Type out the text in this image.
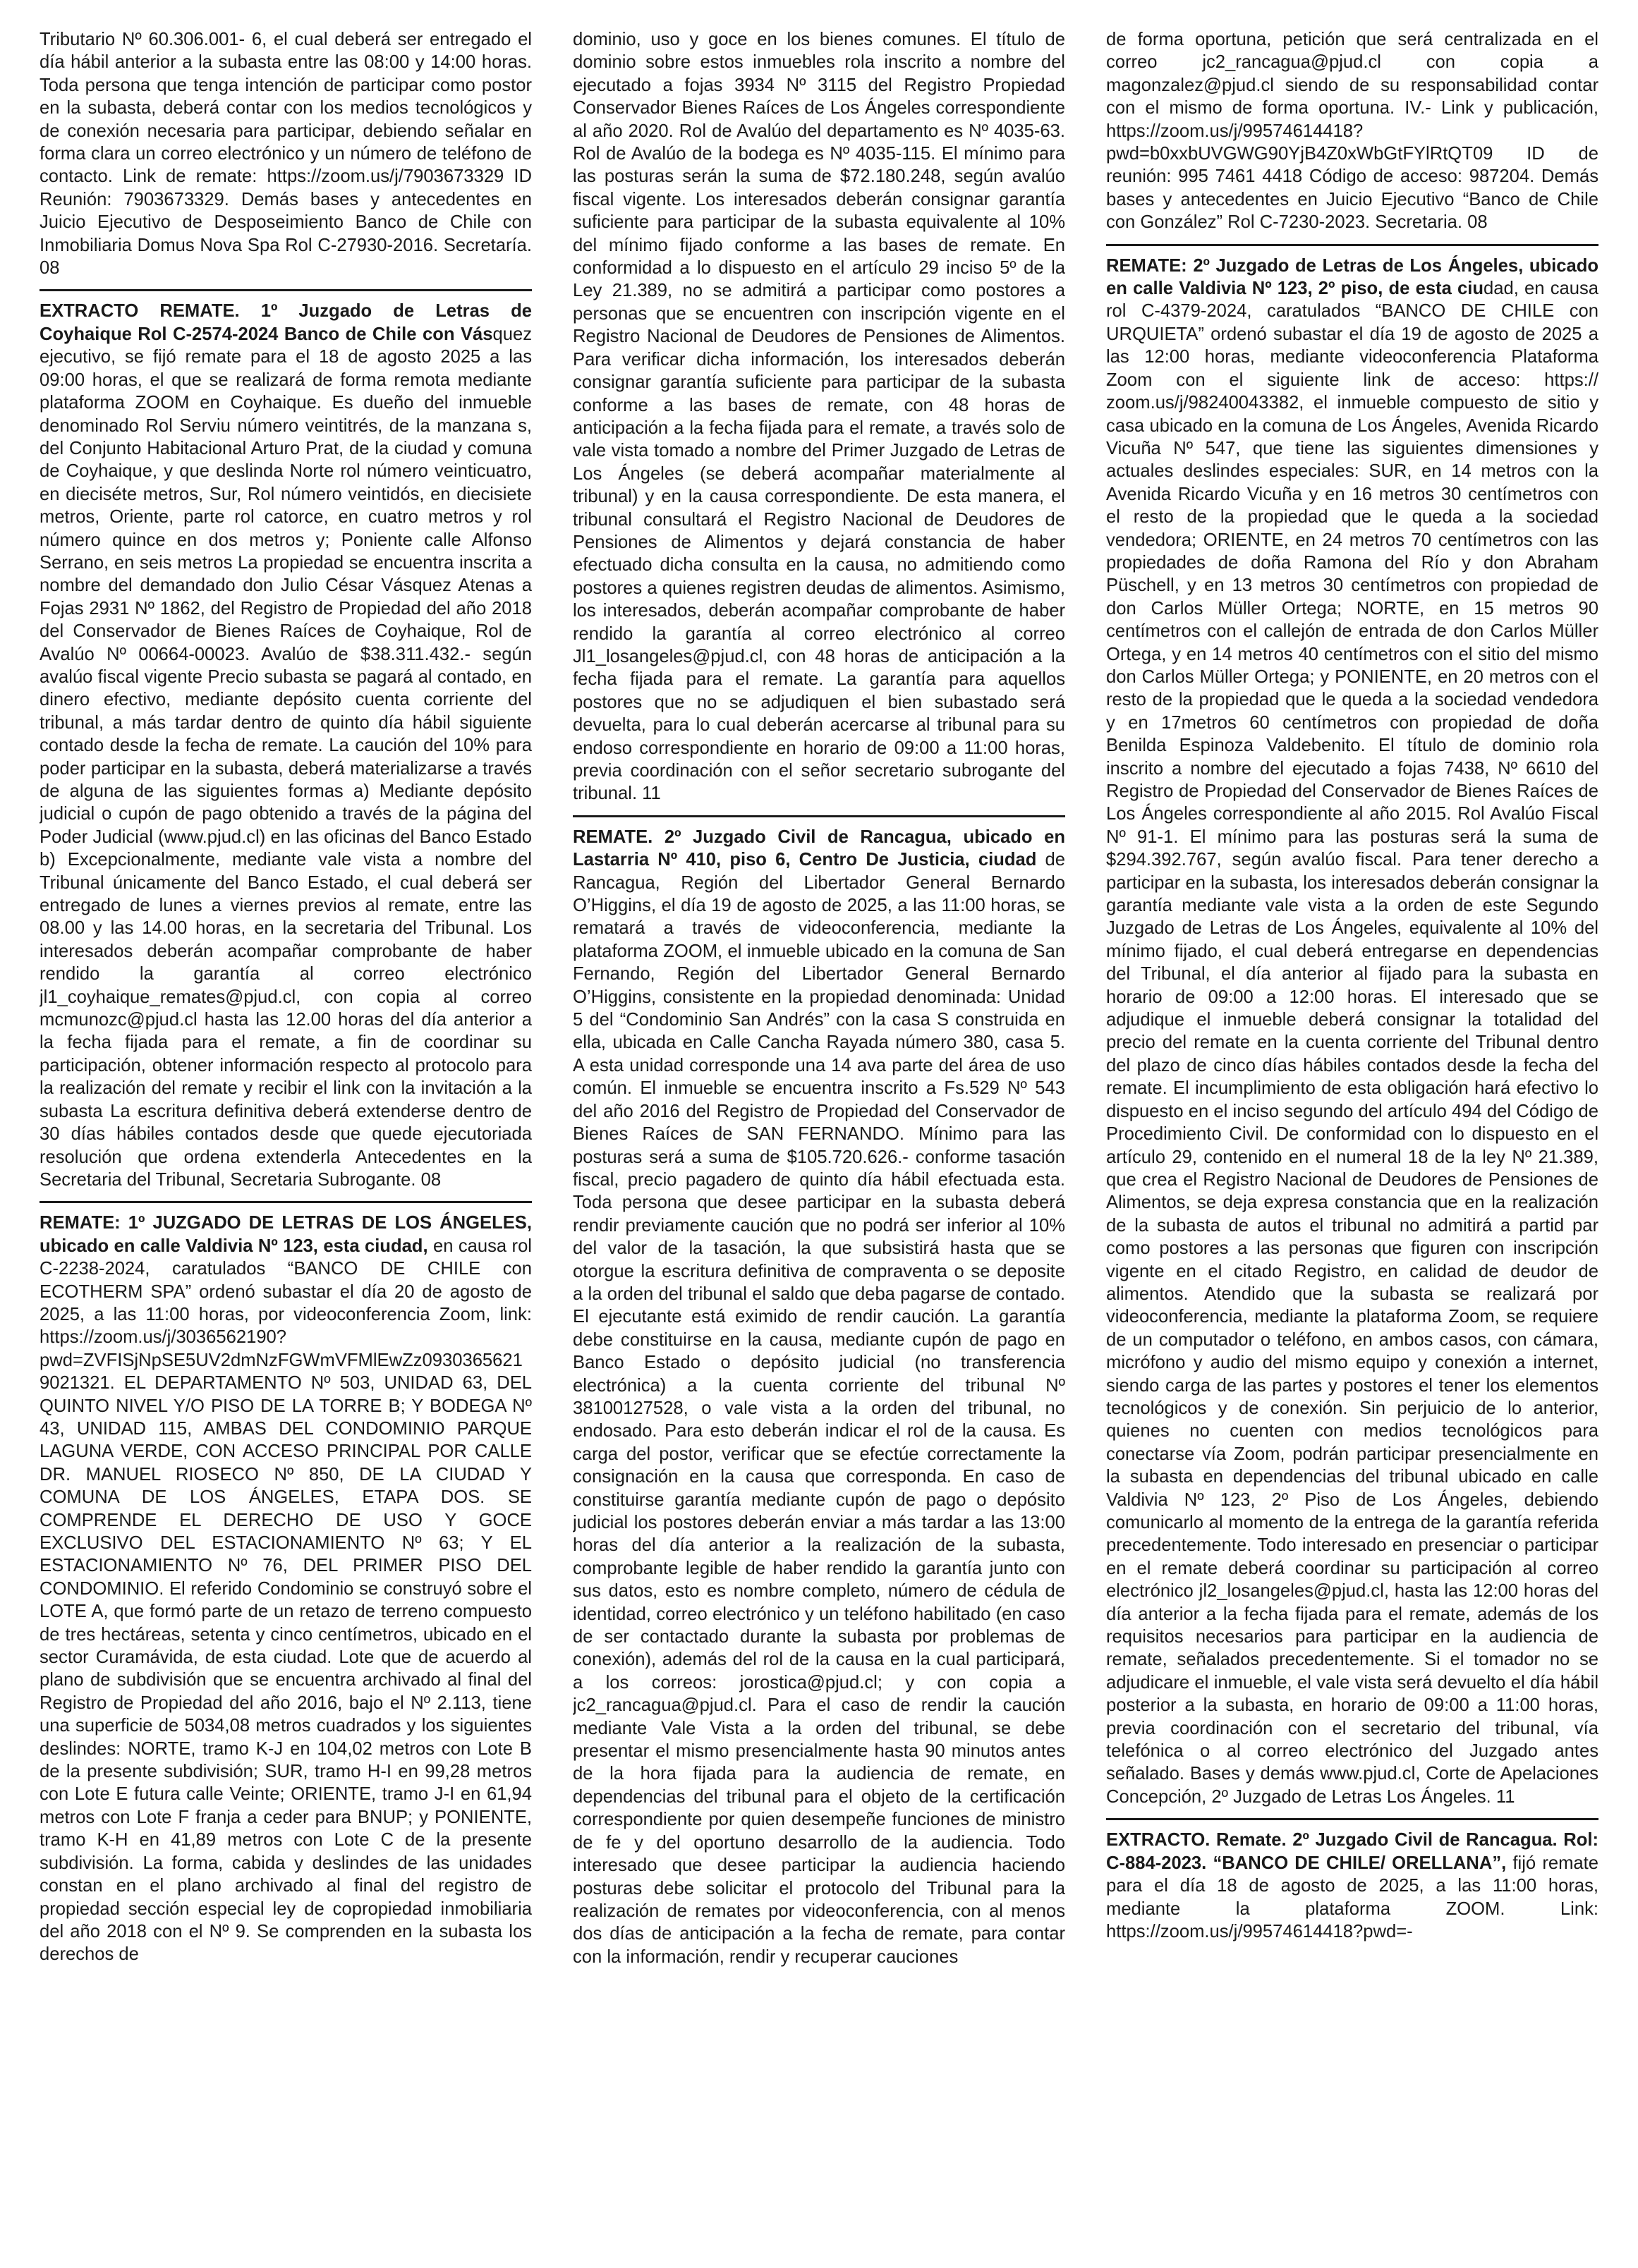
Tributario Nº 60.306.001- 6, el cual deberá ser entregado el día hábil anterior a la subasta entre las 08:00 y 14:00 horas. Toda persona que tenga intención de participar como postor en la subasta, deberá contar con los medios tecnológicos y de conexión necesaria para participar, debiendo señalar en forma clara un correo electrónico y un número de teléfono de contacto. Link de remate: https://zoom.us/j/7903673329 ID Reunión: 7903673329. Demás bases y antecedentes en Juicio Ejecutivo de Desposeimiento Banco de Chile con Inmobiliaria Domus Nova Spa Rol C-27930-2016. Secretaría. 08

EXTRACTO REMATE. 1º Juzgado de Letras de Coyhaique Rol C-2574-2024 Banco de Chile con Vásquez ejecutivo, se fijó remate para el 18 de agosto 2025 a las 09:00 horas, el que se realizará de forma remota mediante plataforma ZOOM en Coyhaique. Es dueño del inmueble denominado Rol Serviu número veintitrés, de la manzana s, del Conjunto Habitacional Arturo Prat, de la ciudad y comuna de Coyhaique, y que deslinda Norte rol número veinticuatro, en dieciséte metros, Sur, Rol número veintidós, en diecisiete metros, Oriente, parte rol catorce, en cuatro metros y rol número quince en dos metros y; Poniente calle Alfonso Serrano, en seis metros La propiedad se encuentra inscrita a nombre del demandado don Julio César Vásquez Atenas a Fojas 2931 Nº 1862, del Registro de Propiedad del año 2018 del Conservador de Bienes Raíces de Coyhaique, Rol de Avalúo Nº 00664-00023. Avalúo de $38.311.432.- según avalúo fiscal vigente Precio subasta se pagará al contado, en dinero efectivo, mediante depósito cuenta corriente del tribunal, a más tardar dentro de quinto día hábil siguiente contado desde la fecha de remate. La caución del 10% para poder participar en la subasta, deberá materializarse a través de alguna de las siguientes formas a) Mediante depósito judicial o cupón de pago obtenido a través de la página del Poder Judicial (www.pjud.cl) en las oficinas del Banco Estado b) Excepcionalmente, mediante vale vista a nombre del Tribunal únicamente del Banco Estado, el cual deberá ser entregado de lunes a viernes previos al remate, entre las 08.00 y las 14.00 horas, en la secretaria del Tribunal. Los interesados deberán acompañar comprobante de haber rendido la garantía al correo electrónico jl1_coyhaique_remates@pjud.cl, con copia al correo mcmunozc@pjud.cl hasta las 12.00 horas del día anterior a la fecha fijada para el remate, a fin de coordinar su participación, obtener información respecto al protocolo para la realización del remate y recibir el link con la invitación a la subasta La escritura definitiva deberá extenderse dentro de 30 días hábiles contados desde que quede ejecutoriada resolución que ordena extenderla Antecedentes en la Secretaria del Tribunal, Secretaria Subrogante. 08

REMATE: 1º JUZGADO DE LETRAS DE LOS ÁNGELES, ubicado en calle Valdivia Nº 123, esta ciudad, en causa rol C-2238-2024, caratulados “BANCO DE CHILE con ECOTHERM SPA” ordenó subastar el día 20 de agosto de 2025, a las 11:00 horas, por videoconferencia Zoom, link: https://zoom.us/j/3036562190?pwd=ZVFISjNpSE5UV2dmNzFGWmVFMlEwZz09303656219021321. EL DEPARTAMENTO Nº 503, UNIDAD 63, DEL QUINTO NIVEL Y/O PISO DE LA TORRE B; Y BODEGA Nº 43, UNIDAD 115, AMBAS DEL CONDOMINIO PARQUE LAGUNA VERDE, CON ACCESO PRINCIPAL POR CALLE DR. MANUEL RIOSECO Nº 850, DE LA CIUDAD Y COMUNA DE LOS ÁNGELES, ETAPA DOS. SE COMPRENDE EL DERECHO DE USO Y GOCE EXCLUSIVO DEL ESTACIONAMIENTO Nº 63; Y EL ESTACIONAMIENTO Nº 76, DEL PRIMER PISO DEL CONDOMINIO. El referido Condominio se construyó sobre el LOTE A, que formó parte de un retazo de terreno compuesto de tres hectáreas, setenta y cinco centímetros, ubicado en el sector Curamávida, de esta ciudad. Lote que de acuerdo al plano de subdivisión que se encuentra archivado al final del Registro de Propiedad del año 2016, bajo el Nº 2.113, tiene una superficie de 5034,08 metros cuadrados y los siguientes deslindes: NORTE, tramo K-J en 104,02 metros con Lote B de la presente subdivisión; SUR, tramo H-I en 99,28 metros con Lote E futura calle Veinte; ORIENTE, tramo J-I en 61,94 metros con Lote F franja a ceder para BNUP; y PONIENTE, tramo K-H en 41,89 metros con Lote C de la presente subdivisión. La forma, cabida y deslindes de las unidades constan en el plano archivado al final del registro de propiedad sección especial ley de copropiedad inmobiliaria del año 2018 con el Nº 9. Se comprenden en la subasta los derechos de

dominio, uso y goce en los bienes comunes. El título de dominio sobre estos inmuebles rola inscrito a nombre del ejecutado a fojas 3934 Nº 3115 del Registro Propiedad Conservador Bienes Raíces de Los Ángeles correspondiente al año 2020. Rol de Avalúo del departamento es Nº 4035-63. Rol de Avalúo de la bodega es Nº 4035-115. El mínimo para las posturas serán la suma de $72.180.248, según avalúo fiscal vigente. Los interesados deberán consignar garantía suficiente para participar de la subasta equivalente al 10% del mínimo fijado conforme a las bases de remate. En conformidad a lo dispuesto en el artículo 29 inciso 5º de la Ley 21.389, no se admitirá a participar como postores a personas que se encuentren con inscripción vigente en el Registro Nacional de Deudores de Pensiones de Alimentos. Para verificar dicha información, los interesados deberán consignar garantía suficiente para participar de la subasta conforme a las bases de remate, con 48 horas de anticipación a la fecha fijada para el remate, a través solo de vale vista tomado a nombre del Primer Juzgado de Letras de Los Ángeles (se deberá acompañar materialmente al tribunal) y en la causa correspondiente. De esta manera, el tribunal consultará el Registro Nacional de Deudores de Pensiones de Alimentos y dejará constancia de haber efectuado dicha consulta en la causa, no admitiendo como postores a quienes registren deudas de alimentos. Asimismo, los interesados, deberán acompañar comprobante de haber rendido la garantía al correo electrónico al correo Jl1_losangeles@pjud.cl, con 48 horas de anticipación a la fecha fijada para el remate. La garantía para aquellos postores que no se adjudiquen el bien subastado será devuelta, para lo cual deberán acercarse al tribunal para su endoso correspondiente en horario de 09:00 a 11:00 horas, previa coordinación con el señor secretario subrogante del tribunal. 11

REMATE. 2º Juzgado Civil de Rancagua, ubicado en Lastarria Nº 410, piso 6, Centro De Justicia, ciudad de Rancagua, Región del Libertador General Bernardo O’Higgins, el día 19 de agosto de 2025, a las 11:00 horas, se rematará a través de videoconferencia, mediante la plataforma ZOOM, el inmueble ubicado en la comuna de San Fernando, Región del Libertador General Bernardo O’Higgins, consistente en la propiedad denominada: Unidad 5 del “Condominio San Andrés” con la casa S construida en ella, ubicada en Calle Cancha Rayada número 380, casa 5. A esta unidad corresponde una 14 ava parte del área de uso común. El inmueble se encuentra inscrito a Fs.529 Nº 543 del año 2016 del Registro de Propiedad del Conservador de Bienes Raíces de SAN FERNANDO. Mínimo para las posturas será a suma de $105.720.626.- conforme tasación fiscal, precio pagadero de quinto día hábil efectuada esta. Toda persona que desee participar en la subasta deberá rendir previamente caución que no podrá ser inferior al 10% del valor de la tasación, la que subsistirá hasta que se otorgue la escritura definitiva de compraventa o se deposite a la orden del tribunal el saldo que deba pagarse de contado. El ejecutante está eximido de rendir caución. La garantía debe constituirse en la causa, mediante cupón de pago en Banco Estado o depósito judicial (no transferencia electrónica) a la cuenta corriente del tribunal Nº 38100127528, o vale vista a la orden del tribunal, no endosado. Para esto deberán indicar el rol de la causa. Es carga del postor, verificar que se efectúe correctamente la consignación en la causa que corresponda. En caso de constituirse garantía mediante cupón de pago o depósito judicial los postores deberán enviar a más tardar a las 13:00 horas del día anterior a la realización de la subasta, comprobante legible de haber rendido la garantía junto con sus datos, esto es nombre completo, número de cédula de identidad, correo electrónico y un teléfono habilitado (en caso de ser contactado durante la subasta por problemas de conexión), además del rol de la causa en la cual participará, a los correos: jorostica@pjud.cl; y con copia a jc2_rancagua@pjud.cl. Para el caso de rendir la caución mediante Vale Vista a la orden del tribunal, se debe presentar el mismo presencialmente hasta 90 minutos antes de la hora fijada para la audiencia de remate, en dependencias del tribunal para el objeto de la certificación correspondiente por quien desempeñe funciones de ministro de fe y del oportuno desarrollo de la audiencia. Todo interesado que desee participar la audiencia haciendo posturas debe solicitar el protocolo del Tribunal para la realización de remates por videoconferencia, con al menos dos días de anticipación a la fecha de remate, para contar con la información, rendir y recuperar cauciones

de forma oportuna, petición que será centralizada en el correo jc2_rancagua@pjud.cl con copia a magonzalez@pjud.cl siendo de su responsabilidad contar con el mismo de forma oportuna. IV.- Link y publicación, https://zoom.us/j/99574614418?pwd=b0xxbUVGWG90YjB4Z0xWbGtFYlRtQT09 ID de reunión: 995 7461 4418 Código de acceso: 987204. Demás bases y antecedentes en Juicio Ejecutivo “Banco de Chile con González” Rol C-7230-2023. Secretaria. 08

REMATE: 2º Juzgado de Letras de Los Ángeles, ubicado en calle Valdivia Nº 123, 2º piso, de esta ciudad, en causa rol C-4379-2024, caratulados “BANCO DE CHILE con URQUIETA” ordenó subastar el día 19 de agosto de 2025 a las 12:00 horas, mediante videoconferencia Plataforma Zoom con el siguiente link de acceso: https:// zoom.us/j/98240043382, el inmueble compuesto de sitio y casa ubicado en la comuna de Los Ángeles, Avenida Ricardo Vicuña Nº 547, que tiene las siguientes dimensiones y actuales deslindes especiales: SUR, en 14 metros con la Avenida Ricardo Vicuña y en 16 metros 30 centímetros con el resto de la propiedad que le queda a la sociedad vendedora; ORIENTE, en 24 metros 70 centímetros con las propiedades de doña Ramona del Río y don Abraham Püschell, y en 13 metros 30 centímetros con propiedad de don Carlos Müller Ortega; NORTE, en 15 metros 90 centímetros con el callejón de entrada de don Carlos Müller Ortega, y en 14 metros 40 centímetros con el sitio del mismo don Carlos Müller Ortega; y PONIENTE, en 20 metros con el resto de la propiedad que le queda a la sociedad vendedora y en 17metros 60 centímetros con propiedad de doña Benilda Espinoza Valdebenito. El título de dominio rola inscrito a nombre del ejecutado a fojas 7438, Nº 6610 del Registro de Propiedad del Conservador de Bienes Raíces de Los Ángeles correspondiente al año 2015. Rol Avalúo Fiscal Nº 91-1. El mínimo para las posturas será la suma de $294.392.767, según avalúo fiscal. Para tener derecho a participar en la subasta, los interesados deberán consignar la garantía mediante vale vista a la orden de este Segundo Juzgado de Letras de Los Ángeles, equivalente al 10% del mínimo fijado, el cual deberá entregarse en dependencias del Tribunal, el día anterior al fijado para la subasta en horario de 09:00 a 12:00 horas. El interesado que se adjudique el inmueble deberá consignar la totalidad del precio del remate en la cuenta corriente del Tribunal dentro del plazo de cinco días hábiles contados desde la fecha del remate. El incumplimiento de esta obligación hará efectivo lo dispuesto en el inciso segundo del artículo 494 del Código de Procedimiento Civil. De conformidad con lo dispuesto en el artículo 29, contenido en el numeral 18 de la ley Nº 21.389, que crea el Registro Nacional de Deudores de Pensiones de Alimentos, se deja expresa constancia que en la realización de la subasta de autos el tribunal no admitirá a partid par como postores a las personas que figuren con inscripción vigente en el citado Registro, en calidad de deudor de alimentos. Atendido que la subasta se realizará por videoconferencia, mediante la plataforma Zoom, se requiere de un computador o teléfono, en ambos casos, con cámara, micrófono y audio del mismo equipo y conexión a internet, siendo carga de las partes y postores el tener los elementos tecnológicos y de conexión. Sin perjuicio de lo anterior, quienes no cuenten con medios tecnológicos para conectarse vía Zoom, podrán participar presencialmente en la subasta en dependencias del tribunal ubicado en calle Valdivia Nº 123, 2º Piso de Los Ángeles, debiendo comunicarlo al momento de la entrega de la garantía referida precedentemente. Todo interesado en presenciar o participar en el remate deberá coordinar su participación al correo electrónico jl2_losangeles@pjud.cl, hasta las 12:00 horas del día anterior a la fecha fijada para el remate, además de los requisitos necesarios para participar en la audiencia de remate, señalados precedentemente. Si el tomador no se adjudicare el inmueble, el vale vista será devuelto el día hábil posterior a la subasta, en horario de 09:00 a 11:00 horas, previa coordinación con el secretario del tribunal, vía telefónica o al correo electrónico del Juzgado antes señalado. Bases y demás www.pjud.cl, Corte de Apelaciones Concepción, 2º Juzgado de Letras Los Ángeles. 11

EXTRACTO. Remate. 2º Juzgado Civil de Rancagua. Rol: C-884-2023. “BANCO DE CHILE/ ORELLANA”, fijó remate para el día 18 de agosto de 2025, a las 11:00 horas, mediante la plataforma ZOOM. Link: https://zoom.us/j/99574614418?pwd=-
